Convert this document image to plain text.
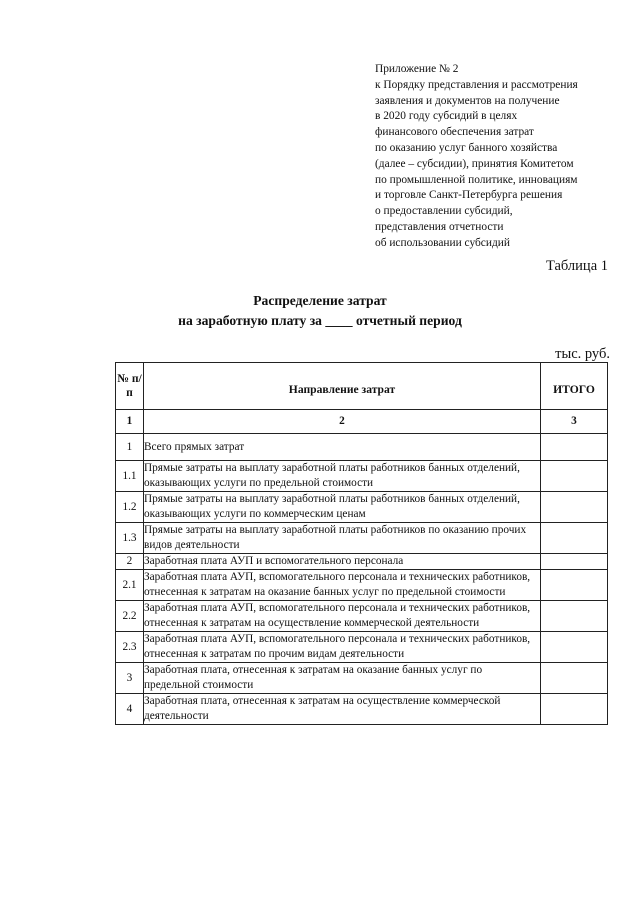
Приложение № 2
к Порядку представления и рассмотрения
заявления и документов на получение
в 2020 году субсидий в целях
финансового обеспечения затрат
по оказанию услуг банного хозяйства
(далее – субсидии), принятия Комитетом
по промышленной политике, инновациям
и торговле Санкт-Петербурга решения
о предоставлении субсидий,
представления отчетности
об использовании субсидий
Таблица 1
Распределение затрат
на заработную плату за ____ отчетный период
тыс. руб.
№ п/п	Направление затрат	ИТОГО
1	2	3
1	Всего прямых затрат	
1.1	Прямые затраты на выплату заработной платы работников банных отделений, оказывающих услуги по предельной стоимости	
1.2	Прямые затраты на выплату заработной платы работников банных отделений, оказывающих услуги по коммерческим ценам	
1.3	Прямые затраты на выплату заработной платы работников по оказанию прочих видов деятельности	
2	Заработная плата АУП и вспомогательного персонала	
2.1	Заработная плата АУП, вспомогательного персонала и технических работников, отнесенная к затратам на оказание банных услуг по предельной стоимости	
2.2	Заработная плата АУП, вспомогательного персонала и технических работников, отнесенная к затратам на осуществление коммерческой деятельности	
2.3	Заработная плата АУП, вспомогательного персонала и технических работников, отнесенная к затратам по прочим видам деятельности	
3	Заработная плата, отнесенная к затратам на оказание банных услуг по предельной стоимости	
4	Заработная плата, отнесенная к затратам на осуществление коммерческой деятельности	
